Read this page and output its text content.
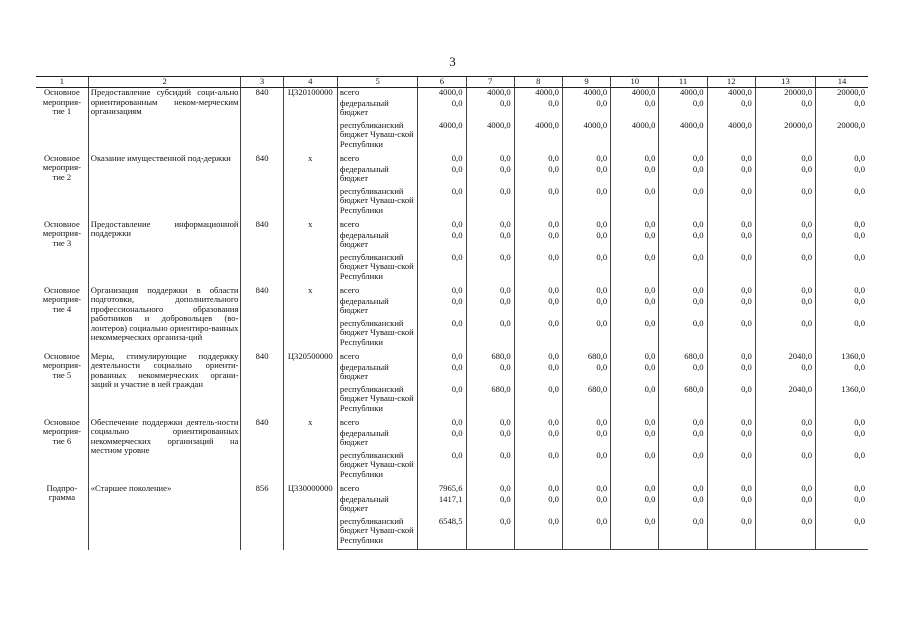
3
1	2	3	4	5	6	7	8	9	10	11	12	13	14
Основное мероприя-тие 1	Предоставление субсидий соци-ально ориентированным неком-мерческим организациям	840	Ц320100000	всего	4000,0	4000,0	4000,0	4000,0	4000,0	4000,0	4000,0	20000,0	20000,0
				федеральный бюджет	0,0	0,0	0,0	0,0	0,0	0,0	0,0	0,0	0,0
				республиканский бюджет Чуваш-ской Республики	4000,0	4000,0	4000,0	4000,0	4000,0	4000,0	4000,0	20000,0	20000,0
Основное мероприя-тие 2	Оказание имущественной под-держки	840	x	всего	0,0	0,0	0,0	0,0	0,0	0,0	0,0	0,0	0,0
				федеральный бюджет	0,0	0,0	0,0	0,0	0,0	0,0	0,0	0,0	0,0
				республиканский бюджет Чуваш-ской Республики	0,0	0,0	0,0	0,0	0,0	0,0	0,0	0,0	0,0
Основное мероприя-тие 3	Предоставление информационной поддержки	840	x	всего	0,0	0,0	0,0	0,0	0,0	0,0	0,0	0,0	0,0
				федеральный бюджет	0,0	0,0	0,0	0,0	0,0	0,0	0,0	0,0	0,0
				республиканский бюджет Чуваш-ской Республики	0,0	0,0	0,0	0,0	0,0	0,0	0,0	0,0	0,0
Основное мероприя-тие 4	Организация поддержки в области подготовки, дополнительного профессионального образования работников и добровольцев (во-лонтеров) социально ориентиро-ванных некоммерческих организа-ций	840	x	всего	0,0	0,0	0,0	0,0	0,0	0,0	0,0	0,0	0,0
				федеральный бюджет	0,0	0,0	0,0	0,0	0,0	0,0	0,0	0,0	0,0
				республиканский бюджет Чуваш-ской Республики	0,0	0,0	0,0	0,0	0,0	0,0	0,0	0,0	0,0
Основное мероприя-тие 5	Меры, стимулирующие поддержку деятельности социально ориенти-рованных некоммерческих органи-заций и участие в ней граждан	840	Ц320500000	всего	0,0	680,0	0,0	680,0	0,0	680,0	0,0	2040,0	1360,0
				федеральный бюджет	0,0	0,0	0,0	0,0	0,0	0,0	0,0	0,0	0,0
				республиканский бюджет Чуваш-ской Республики	0,0	680,0	0,0	680,0	0,0	680,0	0,0	2040,0	1360,0
Основное мероприя-тие 6	Обеспечение поддержки деятель-ности социально ориентированных некоммерческих организаций на местном уровне	840	x	всего	0,0	0,0	0,0	0,0	0,0	0,0	0,0	0,0	0,0
				федеральный бюджет	0,0	0,0	0,0	0,0	0,0	0,0	0,0	0,0	0,0
				республиканский бюджет Чуваш-ской Республики	0,0	0,0	0,0	0,0	0,0	0,0	0,0	0,0	0,0
Подпро-грамма	«Старшее поколение»	856	Ц330000000	всего	7965,6	0,0	0,0	0,0	0,0	0,0	0,0	0,0	0,0
				федеральный бюджет	1417,1	0,0	0,0	0,0	0,0	0,0	0,0	0,0	0,0
				республиканский бюджет Чуваш-ской Республики	6548,5	0,0	0,0	0,0	0,0	0,0	0,0	0,0	0,0
